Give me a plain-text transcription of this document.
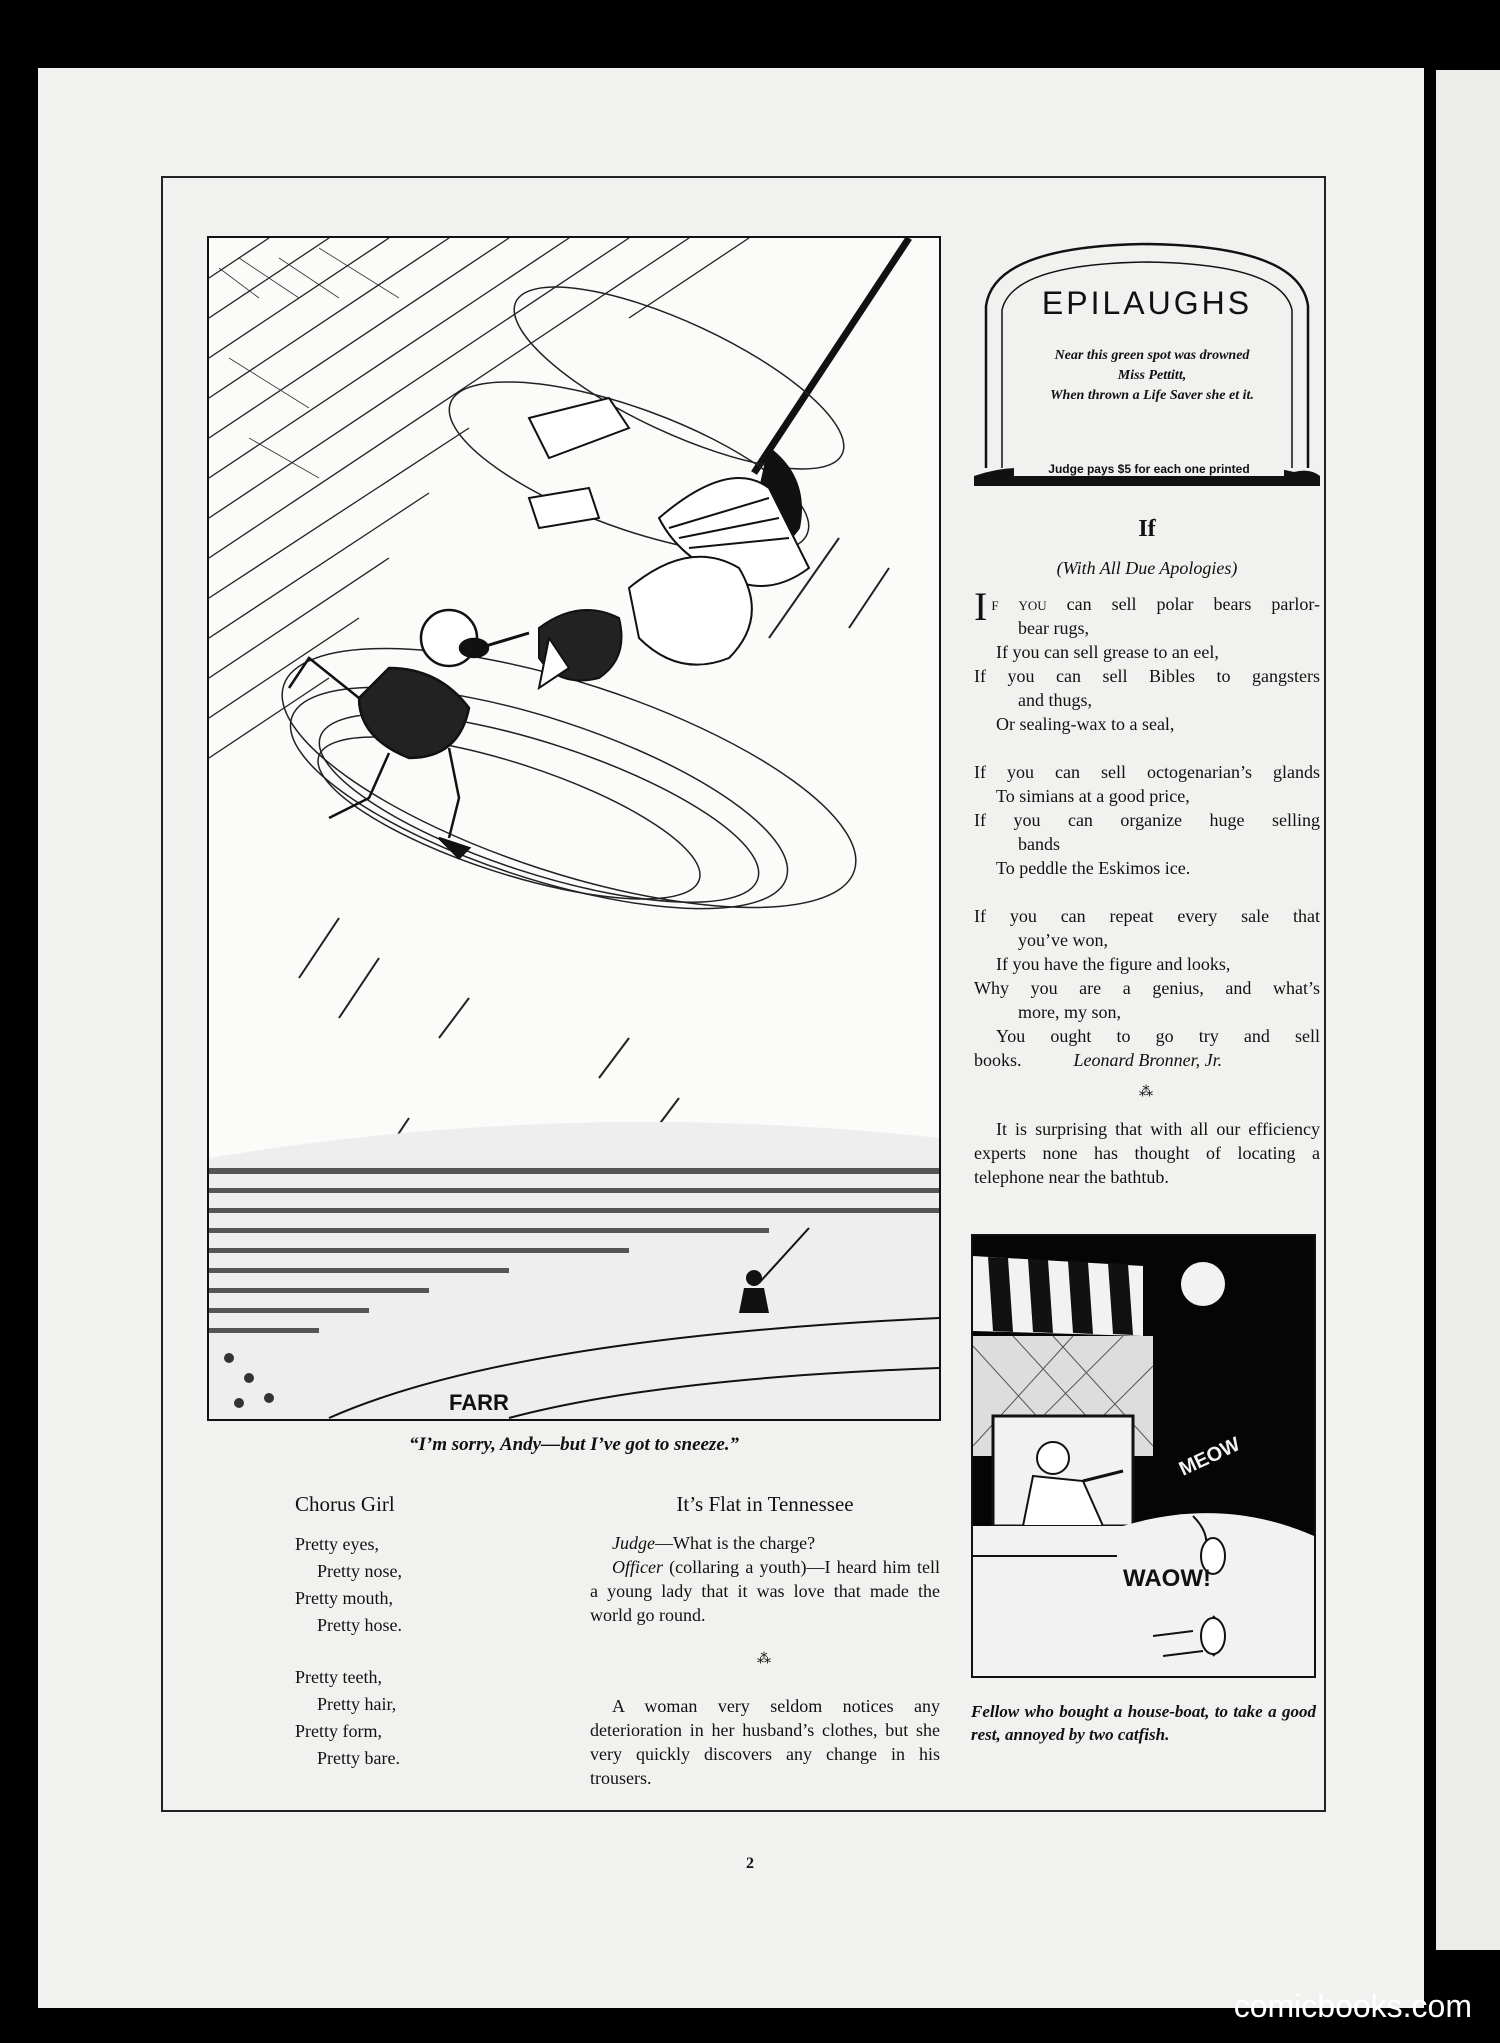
FARR
“I’m sorry, Andy—but I’ve got to sneeze.”
Chorus Girl
Pretty eyes,
Pretty nose,
Pretty mouth,
Pretty hose.
Pretty teeth,
Pretty hair,
Pretty form,
Pretty bare.
It’s Flat in Tennessee

Judge—What is the charge?

Officer (collaring a youth)—I heard him tell a young lady that it was love that made the world go round.

⁂

A woman very seldom notices any deterioration in her husband’s clothes, but she very quickly discovers any change in his trousers.

EPILAUGHS
Near this green spot was drowned
Miss Pettitt,
When thrown a Life Saver she et it.
Judge pays $5 for each one printed
If
(With All Due Apologies)
If you can sell polar bears parlor-
bear rugs,
If you can sell grease to an eel,
If you can sell Bibles to gangsters
and thugs,
Or sealing-wax to a seal,
If you can sell octogenarian’s glands
To simians at a good price,
If you can organize huge selling
bands
To peddle the Eskimos ice.
If you can repeat every sale that
you’ve won,
If you have the figure and looks,
Why you are a genius, and what’s
more, my son,
You ought to go try and sell
books.	Leonard Bronner, Jr.
⁂

It is surprising that with all our efficiency experts none has thought of locating a telephone near the bathtub.

MEOW
WAOW!
Fellow who bought a house-boat, to take a good rest, annoyed by two catfish.
2
comicbooks.com
